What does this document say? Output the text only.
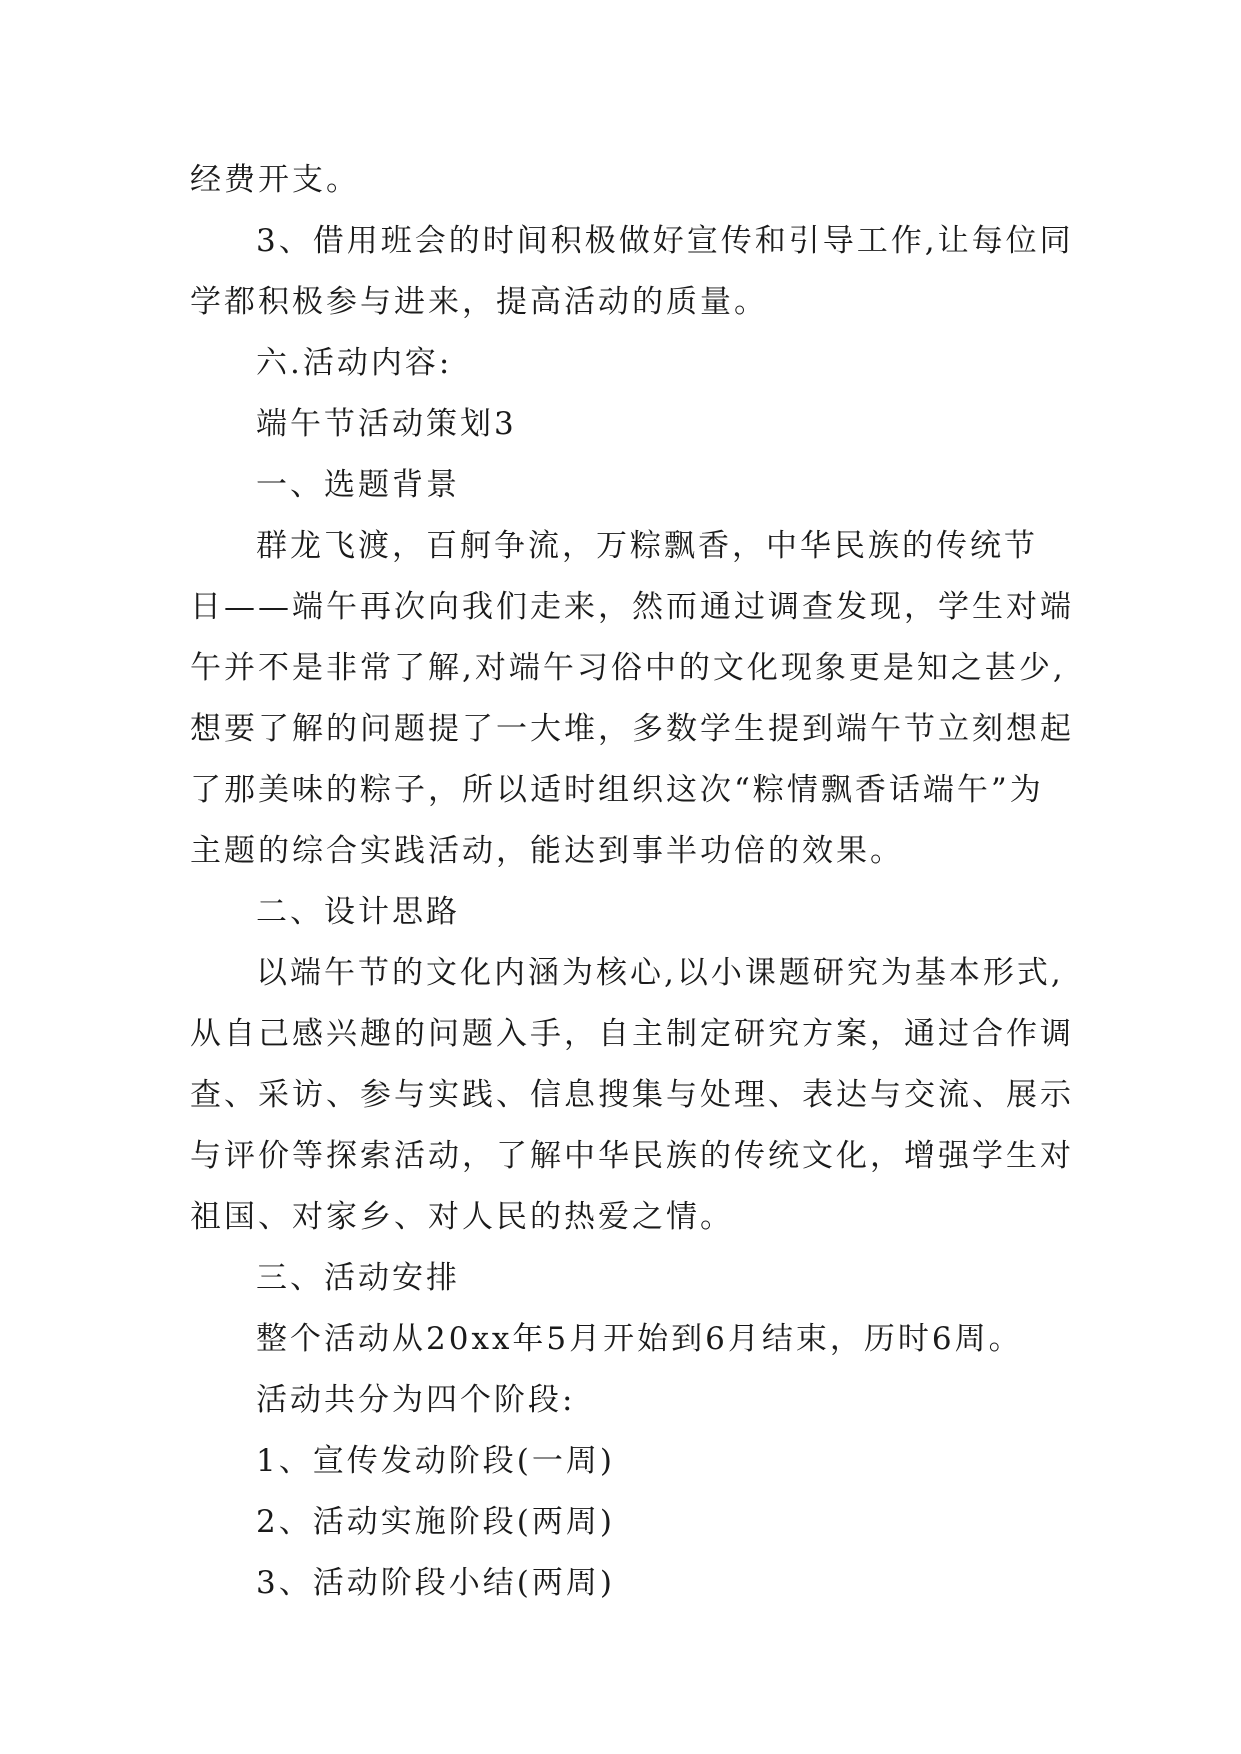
经费开支。
3、借用班会的时间积极做好宣传和引导工作,让每位同
学都积极参与进来，提高活动的质量。
六.活动内容:
端午节活动策划3
一、选题背景
群龙飞渡，百舸争流，万粽飘香，中华民族的传统节
日——端午再次向我们走来，然而通过调查发现，学生对端
午并不是非常了解,对端午习俗中的文化现象更是知之甚少,
想要了解的问题提了一大堆，多数学生提到端午节立刻想起
了那美味的粽子，所以适时组织这次“粽情飘香话端午”为
主题的综合实践活动，能达到事半功倍的效果。
二、设计思路
以端午节的文化内涵为核心,以小课题研究为基本形式,
从自己感兴趣的问题入手，自主制定研究方案，通过合作调
查、采访、参与实践、信息搜集与处理、表达与交流、展示
与评价等探索活动，了解中华民族的传统文化，增强学生对
祖国、对家乡、对人民的热爱之情。
三、活动安排
整个活动从20xx年5月开始到6月结束，历时6周。
活动共分为四个阶段:
1、宣传发动阶段(一周)
2、活动实施阶段(两周)
3、活动阶段小结(两周)
